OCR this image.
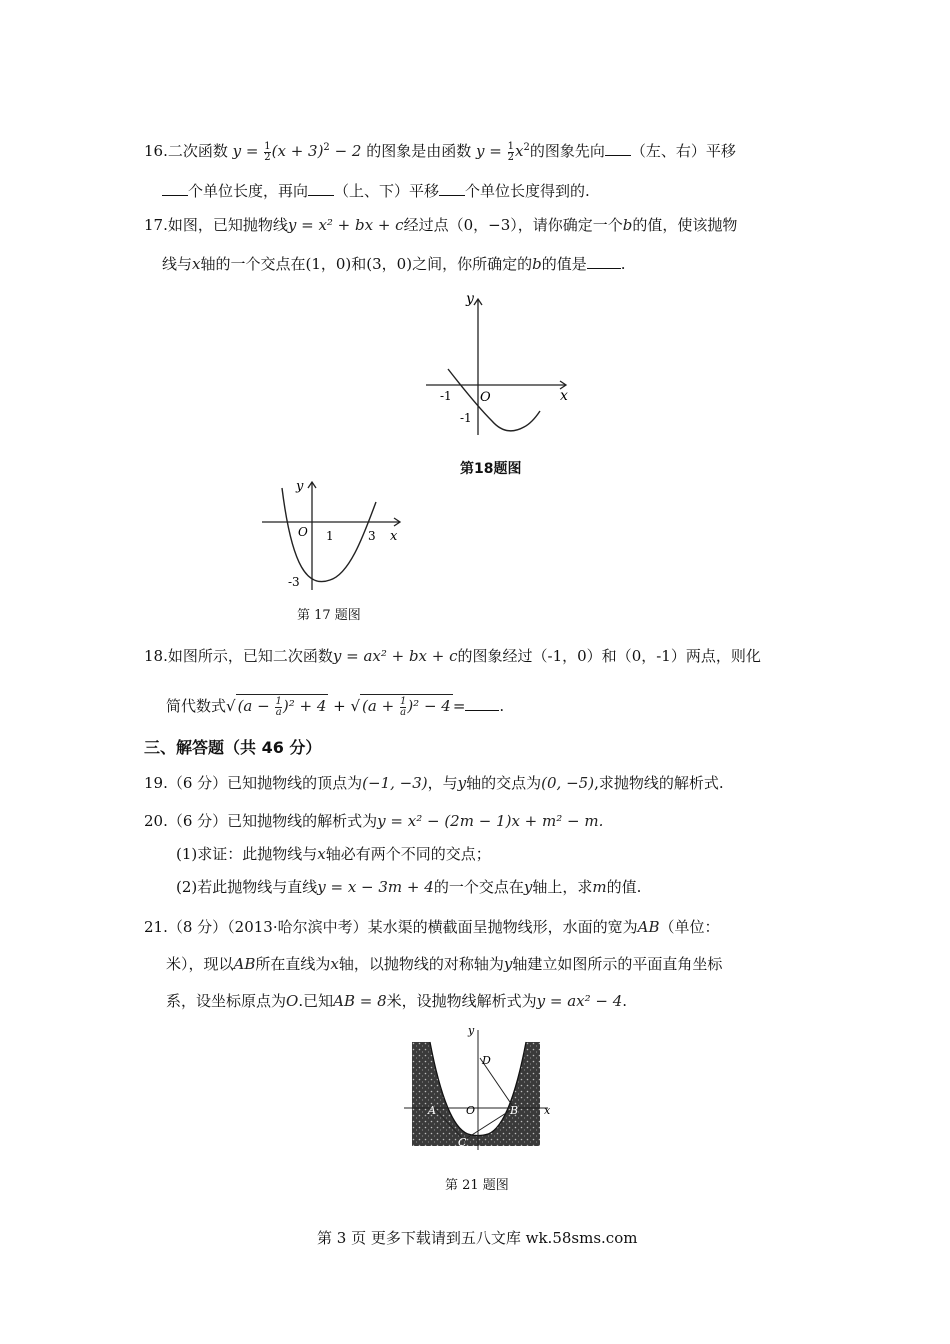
16.二次函数 $y = \frac{1}{2} (x + 3)^2 - 2$ 的图象是由函数 $y = \frac{1}{2} x^2$的图象先向 （左、右）平移
个单位长度，再向 （上、下）平移 个单位长度得到的.
17.如图，已知抛物线y = x² + bx + c经过点（0，−3），请你确定一个b的值，使该抛物
线与x轴的一个交点在(1，0)和(3，0)之间，你所确定的b的值是 .
y
x
O
-1
-1
第18题图
y
x
O 1	3
-3
第 17 题图
18.如图所示，已知二次函数y = ax² + bx + c的图象经过（-1，0）和（0，-1）两点，则化
简代数式√ $(a - \frac{1}{a} )^2 + 4$ + √ $(a + \frac{1}{a} )^2 - 4$ = .
三、解答题（共 46 分）
19.（6 分）已知抛物线的顶点为(−1, −3)，与y轴的交点为(0, −5),求抛物线的解析式.
20.（6 分）已知抛物线的解析式为y = x² − (2m − 1)x + m² − m.
(1)求证：此抛物线与x轴必有两个不同的交点；
(2)若此抛物线与直线y = x − 3m + 4的一个交点在y轴上，求m的值.
21.（8 分）（2013·哈尔滨中考）某水渠的横截面呈抛物线形，水面的宽为AB（单位：
米），现以AB所在直线为x轴，以抛物线的对称轴为y轴建立如图所示的平面直角坐标
系，设坐标原点为O.已知AB = 8米，设抛物线解析式为y = ax² − 4.
y
x
D
A	B
O
C
第 21 题图
第 3 页 更多下载请到五八文库 wk.58sms.com
